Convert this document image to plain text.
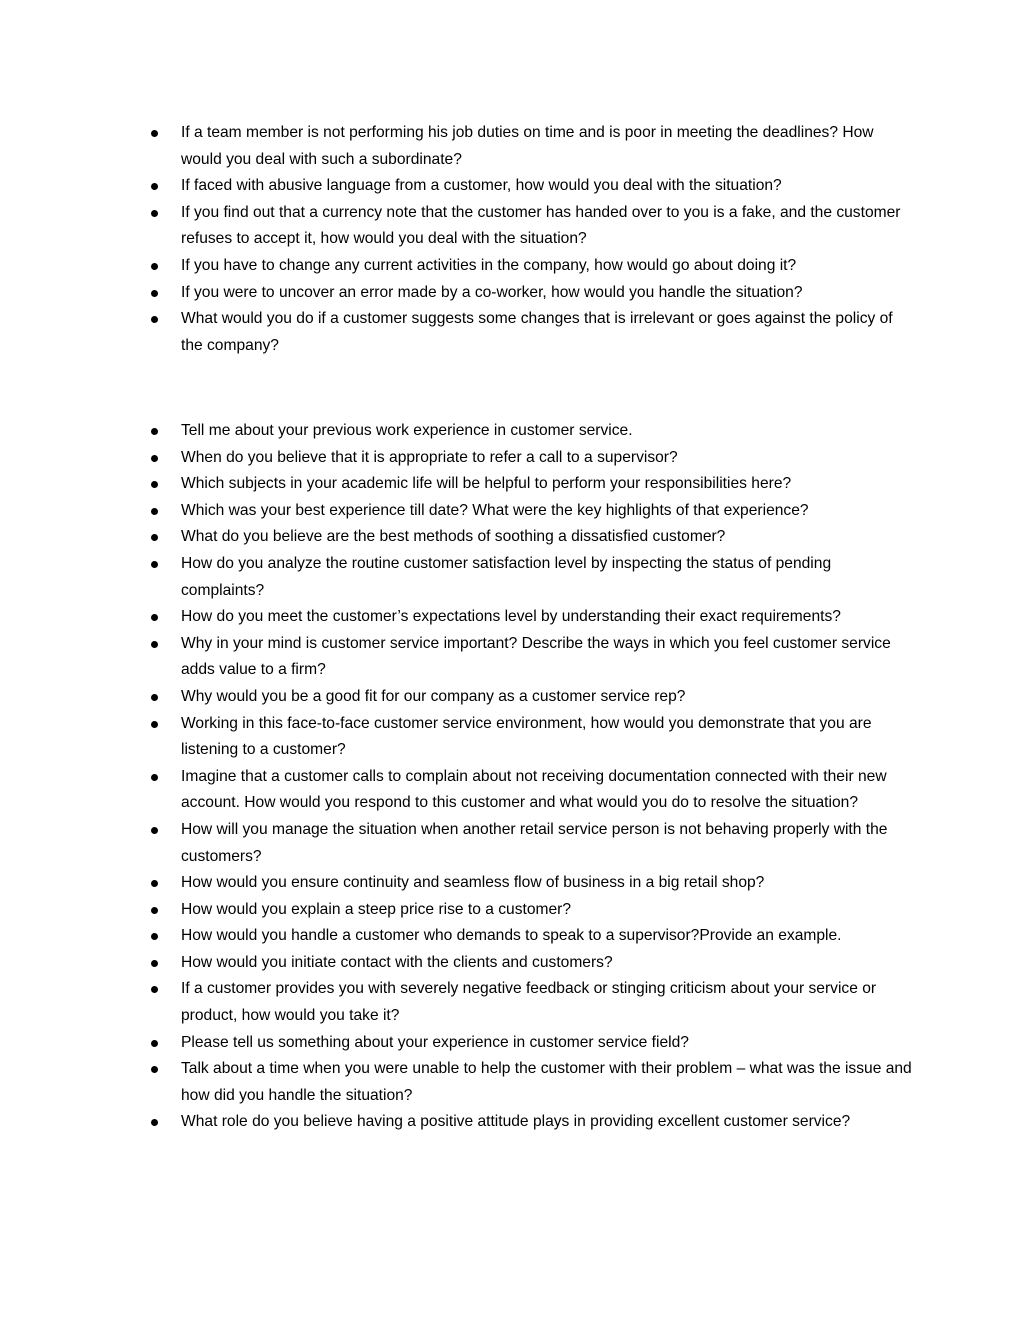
If a team member is not performing his job duties on time and is poor in meeting the deadlines? How would you deal with such a subordinate?
If faced with abusive language from a customer, how would you deal with the situation?
If you find out that a currency note that the customer has handed over to you is a fake, and the customer refuses to accept it, how would you deal with the situation?
If you have to change any current activities in the company, how would go about doing it?
If you were to uncover an error made by a co-worker, how would you handle the situation?
What would you do if a customer suggests some changes that is irrelevant or goes against the policy of the company?
Tell me about your previous work experience in customer service.
When do you believe that it is appropriate to refer a call to a supervisor?
Which subjects in your academic life will be helpful to perform your responsibilities here?
Which was your best experience till date? What were the key highlights of that experience?
What do you believe are the best methods of soothing a dissatisfied customer?
How do you analyze the routine customer satisfaction level by inspecting the status of pending complaints?
How do you meet the customer’s expectations level by understanding their exact requirements?
Why in your mind is customer service important? Describe the ways in which you feel customer service adds value to a firm?
Why would you be a good fit for our company as a customer service rep?
Working in this face-to-face customer service environment, how would you demonstrate that you are listening to a customer?
Imagine that a customer calls to complain about not receiving documentation connected with their new account. How would you respond to this customer and what would you do to resolve the situation?
How will you manage the situation when another retail service person is not behaving properly with the customers?
How would you ensure continuity and seamless flow of business in a big retail shop?
How would you explain a steep price rise to a customer?
How would you handle a customer who demands to speak to a supervisor?Provide an example.
How would you initiate contact with the clients and customers?
If a customer provides you with severely negative feedback or stinging criticism about your service or product, how would you take it?
Please tell us something about your experience in customer service field?
Talk about a time when you were unable to help the customer with their problem – what was the issue and how did you handle the situation?
What role do you believe having a positive attitude plays in providing excellent customer service?
